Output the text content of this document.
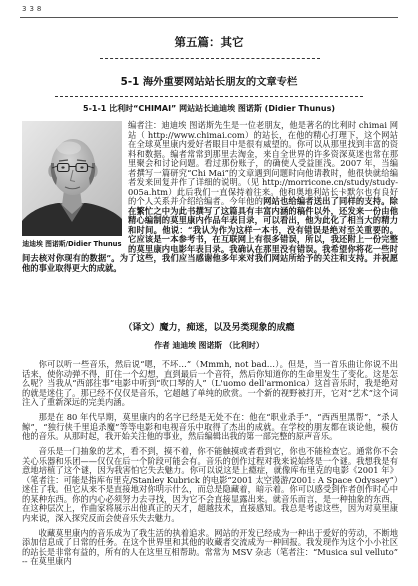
338
第五篇：其它
5-1 海外重要网站站长朋友的文章专栏
5-1-1 比利时“CHIMAI” 网站站长迪迪埃 图诺斯 (Didier Thunus)
迪迪埃 图诺斯/Didier Thunus
编者注：迪迪埃 图诺斯先生是一位老朋友，他是著名的比利时 chimai 网站（ http://www.chimai.com）的站长，在他的精心打理下，这个网站在全球莫里康内爱好者眼目中是很有威望的。你可以从那里找到丰富的资料和数据。编者常常到那里去淘金，来自全世界的许多资深莫迷也常在那里聚会和讨论问题。看过那份账子，的确使人受益匪浅。2007 年，当编者撰写一篇研究“Chi Mai”的文章遇到问题时向他请教时，他很快就给编者发来回复并作了详细的说明。（见 http://morricone.cn/study/study-005a.htm）此后我们一直保持着往来。他和奥地利站长卡默尔也有良好的个人关系并介绍给编者。今年他的网站也给编者送出了同样的支持。除在繁忙之中为此书撰写了这篇具有丰富内涵的稿件以外，还发来一份由他精心编制的莫里康内作品年表目录，可以看出，他为此化了相当大的精力和时间。他说：“我认为作为这样一本书，没有错误是绝对至关重要的。它应该是一本参考书，在互联网上有很多错误，所以，我还附上一份完整的莫里康内电影年表目录。我确认在那里没有错误。我希望你将花一些时间去核对你现有的数据”。为了这些，我们应当感谢他多年来对我们网站所给予的关注和支持。并祝愿他的事业取得更大的成就。
（译文）魔力，痴迷，以及另类现象的成瘾
作者 迪迪埃 图诺斯 （比利时）

你可以听一些音乐，然后说“嗯，不坏…”（Mmmh, not bad…）。但是，当一首乐曲让你说不出话来，使你动弹不得，盯住一个幻想，直到最后一个音符，然后你知道你的生命里发生了变化。这是怎么呢？当我从“西部往事”电影中听到“吹口琴的人”（L'uomo dell'armonica）这首音乐时，我是绝对的就是迷住了。那已经不仅仅是音乐，它超越了单纯的欣赏。一个新的视野被打开，它对“艺术”这个词注入了重新深远的完美内涵。

那是在 80 年代早期，莫里康内的名字已经是无处不在：他在“职业杀手”，“西西里黑帮”，“杀人鲸”，“独行侠千里追杀魔”等等电影和电视音乐中取得了杰出的成就。在学校的朋友都在谈论他，模仿他的音乐。从那时起，我开始关注他的事业，然后编辑出我的第一部完整的原声音乐。

音乐是一门抽象的艺术，看不到，摸不着，你不能触摸或者看到它，你也不能检查它。通常你不会关心乐器和乐团——仅仅在后一个阶段可能会有。音乐的创作过程对我来说始终是一个谜。我想我是有意地培植了这个谜，因为我害怕它失去魅力。你可以说这是上瘾症，就像库布里克的电影《2001 年》（笔者注：可能是指库布里克/Stanley Kubrick 的电影“2001 太空漫游/2001: A Space Odyssey”）迷住了我。但它从来不是直接地对你明示什么，而总是隐藏着，暗示着。你可以感受到作者创作时心中的某种东西。你的内心必须努力去寻找，因为它不会直接显露出来。就音乐而言，是一种抽象的东西，在这种层次上，作曲家将展示出他真正的天才，超越技术，直接感知。我总是考虑这些，因为对莫里康内来说，深入探究反而会使音乐失去魅力。

收藏莫里康内的音乐成为了我生活的执着追求。网站的开发已经成为一种出于爱好的劳动，不断地添加信息成了日常的任务。在这个世界里和其他的收藏者交流成为一种回报。我发现作为这个小小社区的站长是非常有益的，所有的人在这里互相帮助。常常为 MSV 杂志（笔者注：“Musica sul velluto” -- 在莫里康内
